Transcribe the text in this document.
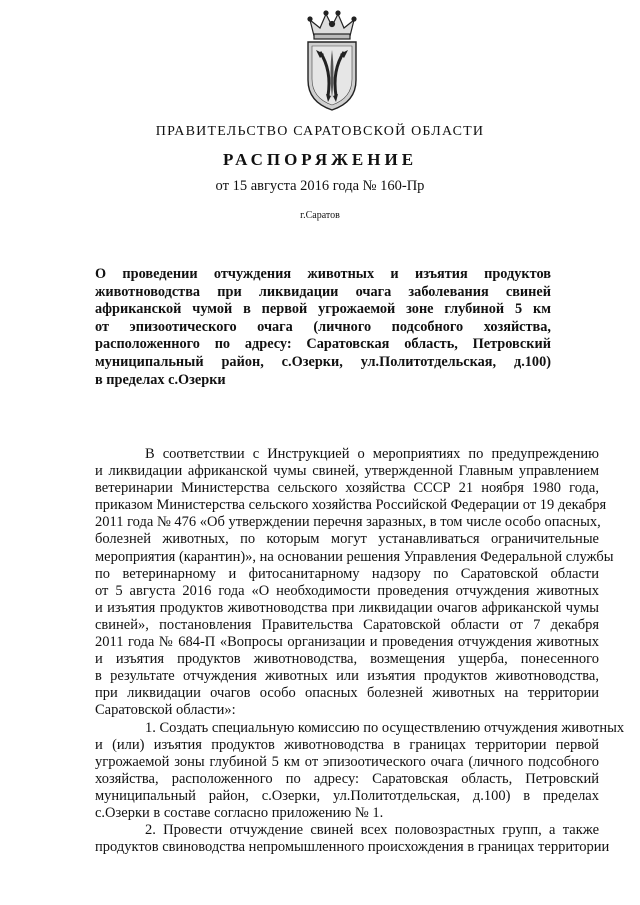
ПРАВИТЕЛЬСТВО САРАТОВСКОЙ ОБЛАСТИ
РАСПОРЯЖЕНИЕ
от 15 августа 2016 года № 160-Пр
г.Саратов
О проведении отчуждения животных и изъятия продуктов
животноводства при ликвидации очага заболевания свиней
африканской чумой в первой угрожаемой зоне глубиной 5 км
от эпизоотического очага (личного подсобного хозяйства,
расположенного по адресу: Саратовская область, Петровский
муниципальный район, с.Озерки, ул.Политотдельская, д.100)
в пределах с.Озерки
В соответствии с Инструкцией о мероприятиях по предупреждению
и ликвидации африканской чумы свиней, утвержденной Главным управлением
ветеринарии Министерства сельского хозяйства СССР 21 ноября 1980 года,
приказом Министерства сельского хозяйства Российской Федерации от 19 декабря
2011 года № 476 «Об утверждении перечня заразных, в том числе особо опасных,
болезней животных, по которым могут устанавливаться ограничительные
мероприятия (карантин)», на основании решения Управления Федеральной службы
по ветеринарному и фитосанитарному надзору по Саратовской области
от 5 августа 2016 года «О необходимости проведения отчуждения животных
и изъятия продуктов животноводства при ликвидации очагов африканской чумы
свиней», постановления Правительства Саратовской области от 7 декабря
2011 года № 684-П «Вопросы организации и проведения отчуждения животных
и изъятия продуктов животноводства, возмещения ущерба, понесенного
в результате отчуждения животных или изъятия продуктов животноводства,
при ликвидации очагов особо опасных болезней животных на территории
Саратовской области»:
1. Создать специальную комиссию по осуществлению отчуждения животных
и (или) изъятия продуктов животноводства в границах территории первой
угрожаемой зоны глубиной 5 км от эпизоотического очага (личного подсобного
хозяйства, расположенного по адресу: Саратовская область, Петровский
муниципальный район, с.Озерки, ул.Политотдельская, д.100) в пределах
с.Озерки в составе согласно приложению № 1.
2. Провести отчуждение свиней всех половозрастных групп, а также
продуктов свиноводства непромышленного происхождения в границах территории
